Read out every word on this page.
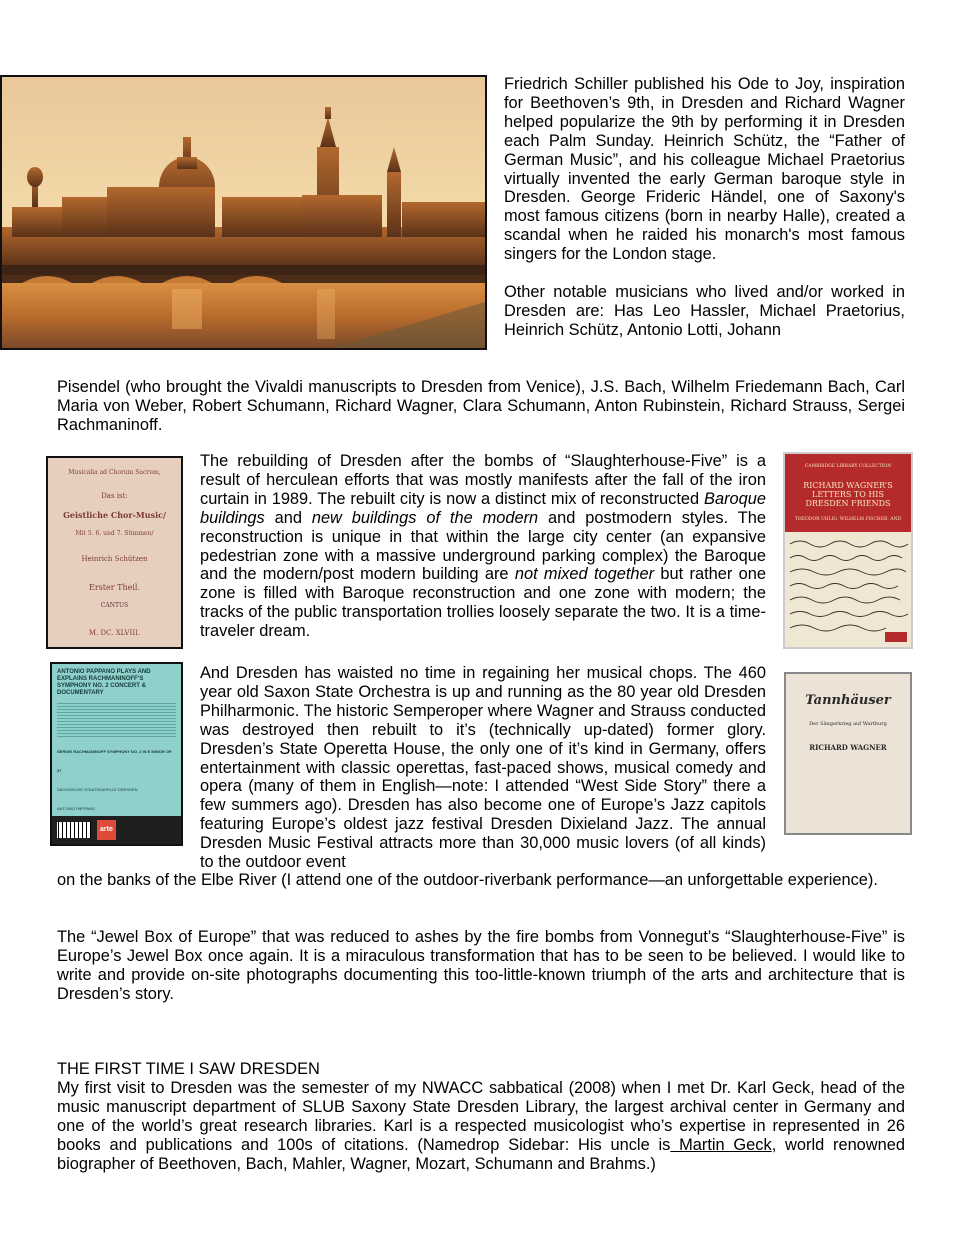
Friedrich Schiller published his Ode to Joy, inspiration for Beethoven’s 9th, in Dresden and Richard Wagner helped popularize the 9th by performing it in Dresden each Palm Sunday. Heinrich Schütz, the “Father of German Music”, and his colleague Michael Praetorius virtually invented the early German baroque style in Dresden. George Frideric Händel, one of Saxony's most famous citizens (born in nearby Halle), created a scandal when he raided his monarch's most famous singers for the London stage.

Other notable musicians who lived and/or worked in Dresden are: Has Leo Hassler, Michael Praetorius, Heinrich Schütz, Antonio Lotti, Johann

Pisendel (who brought the Vivaldi manuscripts to Dresden from Venice), J.S. Bach, Wilhelm Friedemann Bach, Carl Maria von Weber, Robert Schumann, Richard Wagner, Clara Schumann, Anton Rubinstein, Richard Strauss, Sergei Rachmaninoff.

Musicalia ad Chorum Sacrum,
Das ist:
Geistliche Chor-Music/
Mit 5. 6. und 7. Stimmen/
Heinrich Schützen
Erster Theil.
CANTUS
M. DC. XLVIII.

The rebuilding of Dresden after the bombs of “Slaughterhouse-Five” is a result of herculean efforts that was mostly manifests after the fall of the iron curtain in 1989. The rebuilt city is now a distinct mix of reconstructed Baroque buildings and new buildings of the modern and postmodern styles. The reconstruction is unique in that within the large city center (an expansive pedestrian zone with a massive underground parking complex) the Baroque and the modern/post modern building are not mixed together but rather one zone is filled with Baroque reconstruction and one zone with modern; the tracks of the public transportation trollies loosely separate the two. It is a time-traveler dream.

CAMBRIDGE LIBRARY COLLECTION
RICHARD WAGNER’S LETTERS TO HIS DRESDEN FRIENDS
THEODOR UHLIG, WILHELM FISCHER, AND FERDINAND HEINE
TRANSLATED BY J.S. SHEDLOCK
ANTONIO PAPPANO PLAYS AND EXPLAINS RACHMANINOFF’S SYMPHONY NO. 2 CONCERT & DOCUMENTARY
SERGEI RACHMANINOFF SYMPHONY NO. 2 IN E MINOR OP. 27
SÄCHSISCHE STAATSKAPELLE DRESDEN
ANTONIO PAPPANO
arte
Tannhäuser
Der Sängerkrieg auf Wartburg
RICHARD WAGNER

And Dresden has waisted no time in regaining her musical chops. The 460 year old Saxon State Orchestra is up and running as the 80 year old Dresden Philharmonic. The historic Semperoper where Wagner and Strauss conducted was destroyed then rebuilt to it’s (technically up-dated) former glory. Dresden’s State Operetta House, the only one of it’s kind in Germany, offers entertainment with classic operettas, fast-paced shows, musical comedy and opera (many of them in English—note: I attended “West Side Story” there a few summers ago). Dresden has also become one of Europe’s Jazz capitols featuring Europe’s oldest jazz festival Dresden Dixieland Jazz. The annual Dresden Music Festival attracts more than 30,000 music lovers (of all kinds) to the outdoor event

on the banks of the Elbe River (I attend one of the outdoor-riverbank performance—an unforgettable experience).

The “Jewel Box of Europe” that was reduced to ashes by the fire bombs from Vonnegut’s “Slaughterhouse-Five” is Europe’s Jewel Box once again. It is a miraculous transformation that has to be seen to be believed. I would like to write and provide on-site photographs documenting this too-little-known triumph of the arts and architecture that is Dresden’s story.

THE FIRST TIME I SAW DRESDEN

My first visit to Dresden was the semester of my NWACC sabbatical (2008) when I met Dr. Karl Geck, head of the music manuscript department of SLUB Saxony State Dresden Library, the largest archival center in Germany and one of the world’s great research libraries. Karl is a respected musicologist who’s expertise in represented in 26 books and publications and 100s of citations. (Namedrop Sidebar: His uncle is Martin Geck, world renowned biographer of Beethoven, Bach, Mahler, Wagner, Mozart, Schumann and Brahms.)
